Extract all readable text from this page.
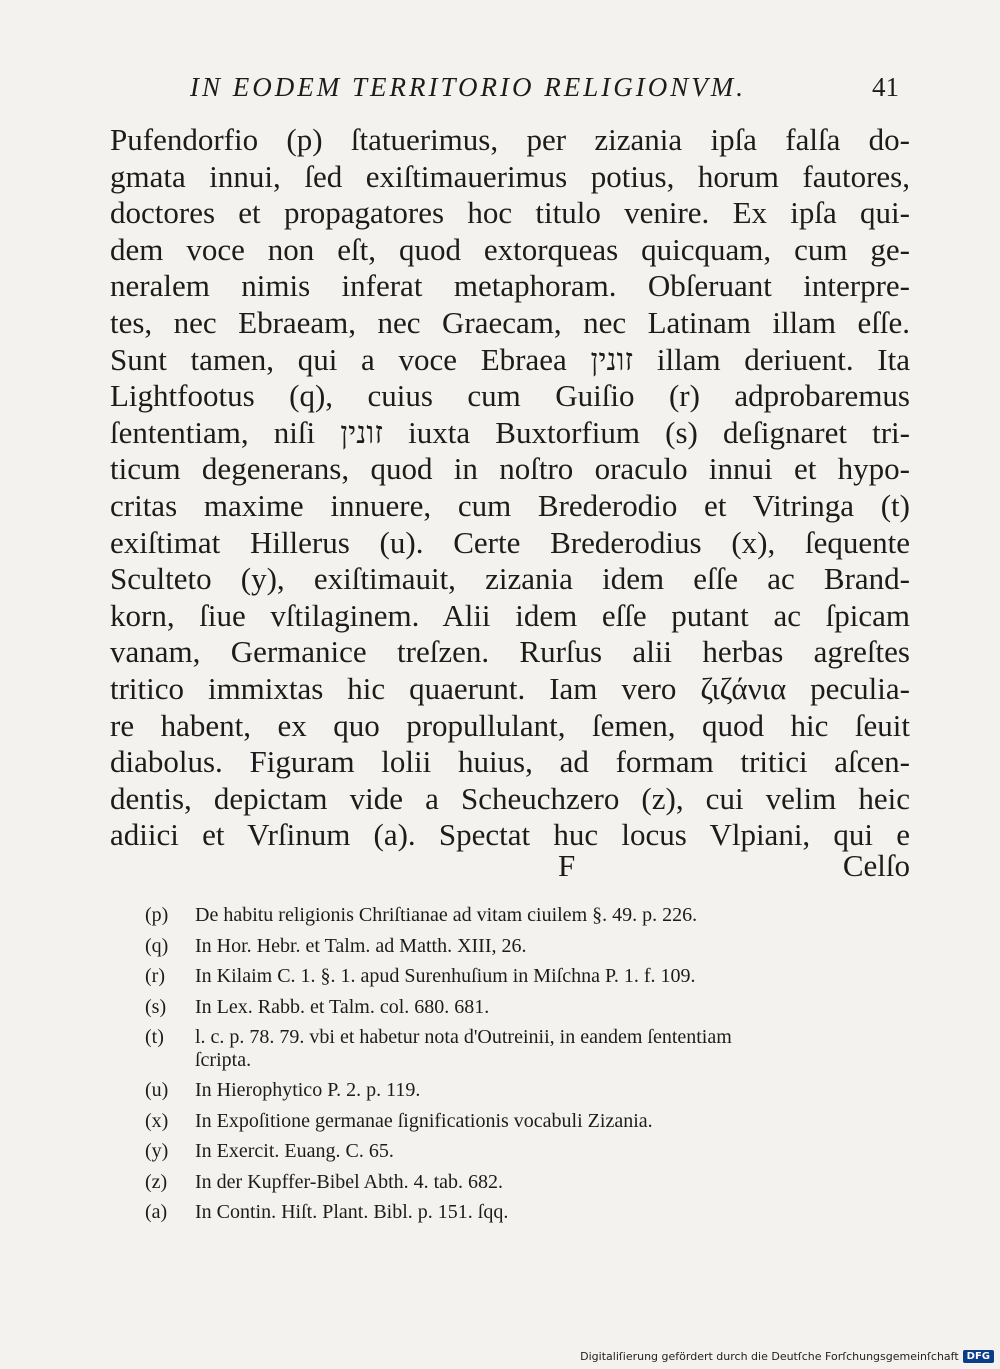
IN EODEM TERRITORIO RELIGIONVM.	41
Pufendorfio (p) ſtatuerimus, per zizania ipſa falſa do-
gmata innui, ſed exiſtimauerimus potius, horum fautores,
doctores et propagatores hoc titulo venire. Ex ipſa qui-
dem voce non eſt, quod extorqueas quicquam, cum ge-
neralem nimis inferat metaphoram. Obſeruant interpre-
tes, nec Ebraeam, nec Graecam, nec Latinam illam eſſe.
Sunt tamen, qui a voce Ebraea זונין illam deriuent. Ita
Lightfootus (q), cuius cum Guiſio (r) adprobaremus
ſententiam, niſi זונין iuxta Buxtorfium (s) deſignaret tri-
ticum degenerans, quod in noſtro oraculo innui et hypo-
critas maxime innuere, cum Brederodio et Vitringa (t)
exiſtimat Hillerus (u). Certe Brederodius (x), ſequente
Sculteto (y), exiſtimauit, zizania idem eſſe ac Brand-
korn, ſiue vſtilaginem. Alii idem eſſe putant ac ſpicam
vanam, Germanice treſzen. Rurſus alii herbas agreſtes
tritico immixtas hic quaerunt. Iam vero ζιζάνια peculia-
re habent, ex quo propullulant, ſemen, quod hic ſeuit
diabolus. Figuram lolii huius, ad formam tritici aſcen-
dentis, depictam vide a Scheuchzero (z), cui velim heic
adiici et Vrſinum (a). Spectat huc locus Vlpiani, qui e
F	Celſo
(p) De habitu religionis Chriſtianae ad vitam ciuilem §. 49. p. 226.
(q) In Hor. Hebr. et Talm. ad Matth. XIII, 26.
(r) In Kilaim C. 1. §. 1. apud Surenhuſium in Miſchna P. 1. f. 109.
(s) In Lex. Rabb. et Talm. col. 680. 681.
(t) l. c. p. 78. 79. vbi et habetur nota d'Outreinii, in eandem ſententiam
ſcripta.
(u) In Hierophytico P. 2. p. 119.
(x) In Expoſitione germanae ſignificationis vocabuli Zizania.
(y) In Exercit. Euang. C. 65.
(z) In der Kupffer-Bibel Abth. 4. tab. 682.
(a) In Contin. Hiſt. Plant. Bibl. p. 151. ſqq.
Digitaliſierung gefördert durch die Deutſche Forſchungsgemeinſchaft DFG
